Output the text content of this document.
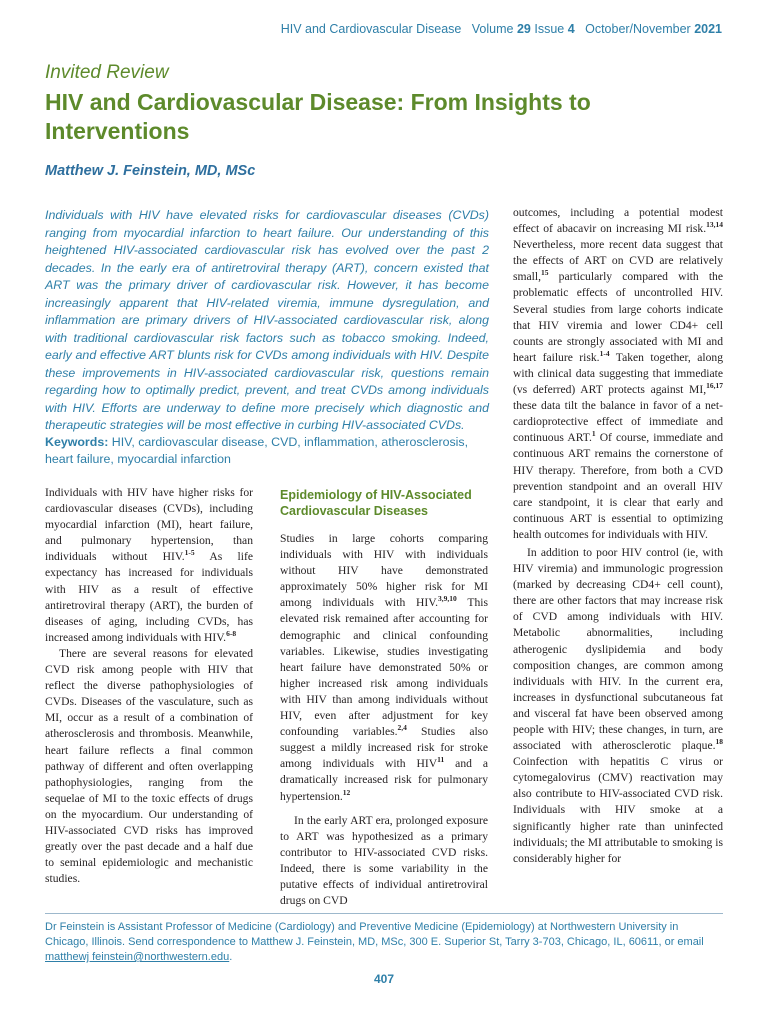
HIV and Cardiovascular Disease Volume 29 Issue 4 October/November 2021
Invited Review
HIV and Cardiovascular Disease: From Insights to Interventions
Matthew J. Feinstein, MD, MSc

Individuals with HIV have elevated risks for cardiovascular diseases (CVDs) ranging from myocardial infarction to heart failure. Our understanding of this heightened HIV-associated cardiovascular risk has evolved over the past 2 decades. In the early era of antiretroviral therapy (ART), concern existed that ART was the primary driver of cardiovascular risk. However, it has become increasingly apparent that HIV-related viremia, immune dysregulation, and inflammation are primary drivers of HIV-associated cardiovascular risk, along with traditional cardiovascular risk factors such as tobacco smoking. Indeed, early and effective ART blunts risk for CVDs among individuals with HIV. Despite these improvements in HIV-associated cardiovascular risk, questions remain regarding how to optimally predict, prevent, and treat CVDs among individuals with HIV. Efforts are underway to define more precisely which diagnostic and therapeutic strategies will be most effective in curbing HIV-associated CVDs.

Keywords: HIV, cardiovascular disease, CVD, inflammation, atherosclerosis, heart failure, myocardial infarction

Individuals with HIV have higher risks for cardiovascular diseases (CVDs), including myocardial infarction (MI), heart failure, and pulmonary hypertension, than individuals without HIV.$^{1-5}$ As life expectancy has increased for individuals with HIV as a result of effective antiretroviral therapy (ART), the burden of diseases of aging, including CVDs, has increased among individuals with HIV.$^{6-8}$

There are several reasons for elevated CVD risk among people with HIV that reflect the diverse pathophysiologies of CVDs. Diseases of the vasculature, such as MI, occur as a result of a combination of atherosclerosis and thrombosis. Meanwhile, heart failure reflects a final common pathway of different and often overlapping pathophysiologies, ranging from the sequelae of MI to the toxic effects of drugs on the myocardium. Our understanding of HIV-associated CVD risks has improved greatly over the past decade and a half due to seminal epidemiologic and mechanistic studies.

Epidemiology of HIV-Associated Cardiovascular Diseases

Studies in large cohorts comparing individuals with HIV with individuals without HIV have demonstrated approximately 50% higher risk for MI among individuals with HIV.$^{3,9,10}$ This elevated risk remained after accounting for demographic and clinical confounding variables. Likewise, studies investigating heart failure have demonstrated 50% or higher increased risk among individuals with HIV than among individuals without HIV, even after adjustment for key confounding variables.$^{2,4}$ Studies also suggest a mildly increased risk for stroke among individuals with HIV$^{11}$ and a dramatically increased risk for pulmonary hypertension.$^{12}$

In the early ART era, prolonged exposure to ART was hypothesized as a primary contributor to HIV-associated CVD risks. Indeed, there is some variability in the putative effects of individual antiretroviral drugs on CVD

outcomes, including a potential modest effect of abacavir on increasing MI risk.$^{13,14}$ Nevertheless, more recent data suggest that the effects of ART on CVD are relatively small,$^{15}$ particularly compared with the problematic effects of uncontrolled HIV. Several studies from large cohorts indicate that HIV viremia and lower CD4+ cell counts are strongly associated with MI and heart failure risk.$^{1-4}$ Taken together, along with clinical data suggesting that immediate (vs deferred) ART protects against MI,$^{16,17}$ these data tilt the balance in favor of a net-cardioprotective effect of immediate and continuous ART.$^1$ Of course, immediate and continuous ART remains the cornerstone of HIV therapy. Therefore, from both a CVD prevention standpoint and an overall HIV care standpoint, it is clear that early and continuous ART is essential to optimizing health outcomes for individuals with HIV.

In addition to poor HIV control (ie, with HIV viremia) and immunologic progression (marked by decreasing CD4+ cell count), there are other factors that may increase risk of CVD among individuals with HIV. Metabolic abnormalities, including atherogenic dyslipidemia and body composition changes, are common among individuals with HIV. In the current era, increases in dysfunctional subcutaneous fat and visceral fat have been observed among people with HIV; these changes, in turn, are associated with atherosclerotic plaque.$^{18}$ Coinfection with hepatitis C virus or cytomegalovirus (CMV) reactivation may also contribute to HIV-associated CVD risk. Individuals with HIV smoke at a significantly higher rate than uninfected individuals; the MI attributable to smoking is considerably higher for

Dr Feinstein is Assistant Professor of Medicine (Cardiology) and Preventive Medicine (Epidemiology) at Northwestern University in Chicago, Illinois. Send correspondence to Matthew J. Feinstein, MD, MSc, 300 E. Superior St, Tarry 3-703, Chicago, IL, 60611, or email matthewj feinstein@northwestern.edu.

407
